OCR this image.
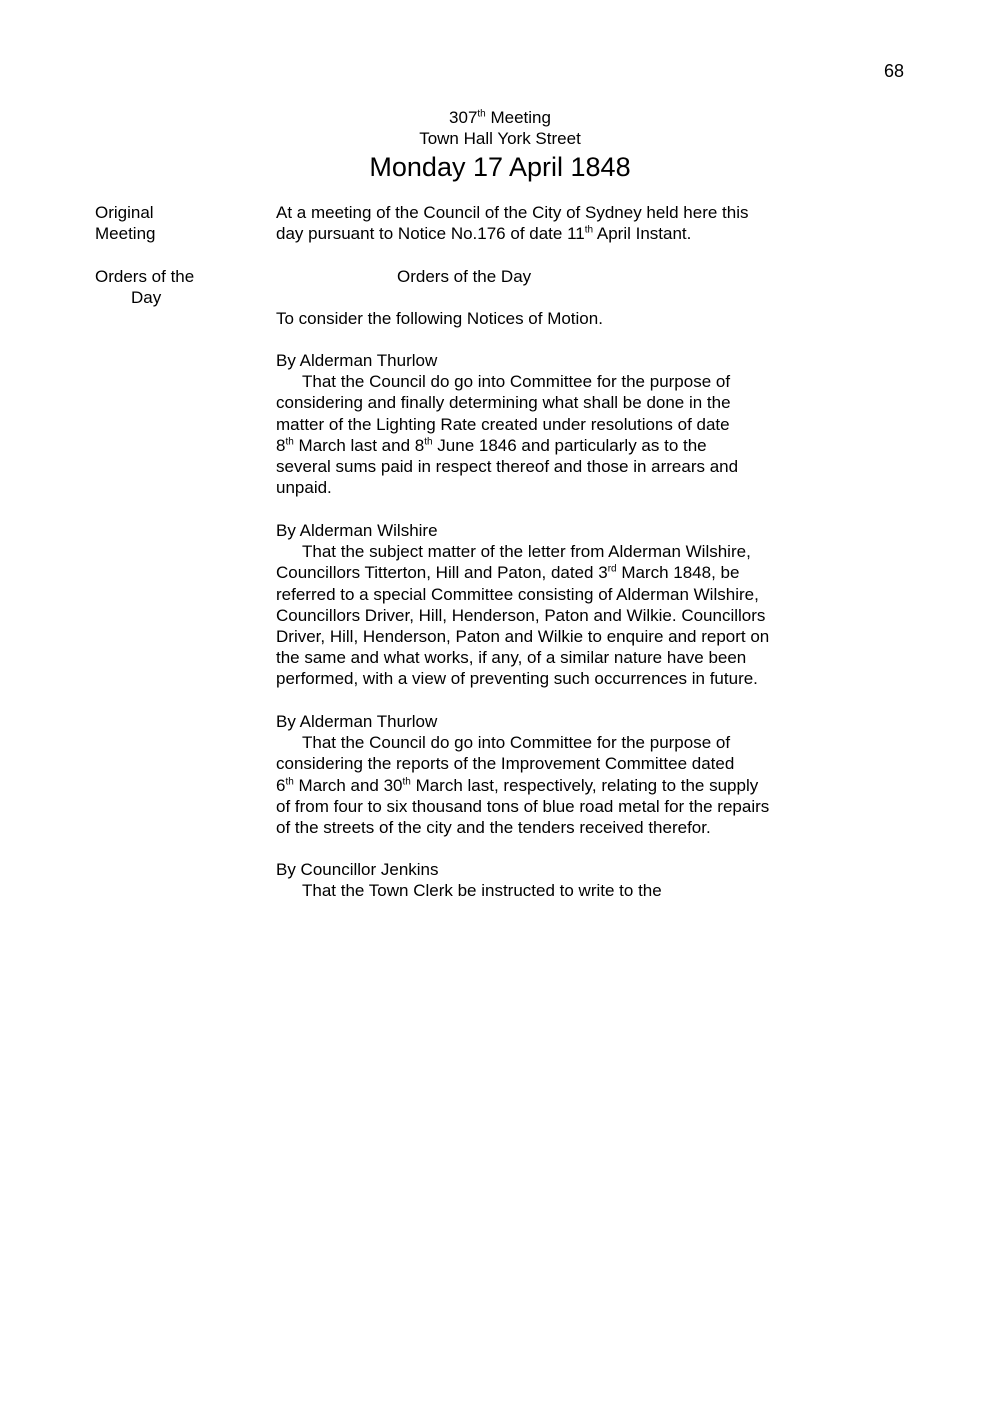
68
307th Meeting
Town Hall York Street
Monday 17 April 1848
Original
Meeting
Orders of the
Day
At a meeting of the Council of the City of Sydney held here this
day pursuant to Notice No.176 of date 11th April Instant.
Orders of the Day
To consider the following Notices of Motion.
By Alderman Thurlow
That the Council do go into Committee for the purpose of
considering and finally determining what shall be done in the
matter of the Lighting Rate created under resolutions of date
8th March last and 8th June 1846 and particularly as to the
several sums paid in respect thereof and those in arrears and
unpaid.
By Alderman Wilshire
That the subject matter of the letter from Alderman Wilshire,
Councillors Titterton, Hill and Paton, dated 3rd March 1848, be
referred to a special Committee consisting of Alderman Wilshire,
Councillors Driver, Hill, Henderson, Paton and Wilkie. Councillors
Driver, Hill, Henderson, Paton and Wilkie to enquire and report on
the same and what works, if any, of a similar nature have been
performed, with a view of preventing such occurrences in future.
By Alderman Thurlow
That the Council do go into Committee for the purpose of
considering the reports of the Improvement Committee dated
6th March and 30th March last, respectively, relating to the supply
of from four to six thousand tons of blue road metal for the repairs
of the streets of the city and the tenders received therefor.
By Councillor Jenkins
That the Town Clerk be instructed to write to the
